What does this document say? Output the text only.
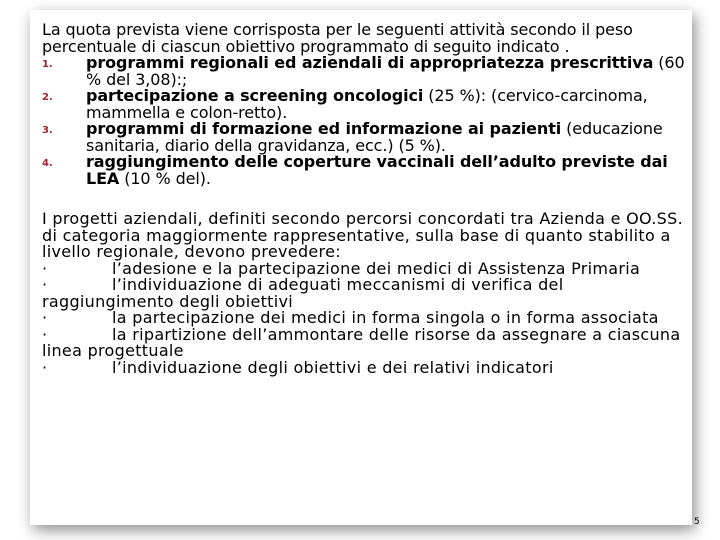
La quota prevista viene corrisposta per le seguenti attività secondo il peso percentuale di ciascun obiettivo programmato di seguito indicato .

1.	programmi regionali ed aziendali di appropriatezza prescrittiva (60 % del 3,08):;
2.	partecipazione a screening oncologici (25 %): (cervico-carcinoma, mammella e colon-retto).
3.	programmi di formazione ed informazione ai pazienti (educazione sanitaria, diario della gravidanza, ecc.) (5 %).
4.	raggiungimento delle coperture vaccinali dell’adulto previste dai LEA (10 % del).
I progetti aziendali, definiti secondo percorsi concordati tra Azienda e OO.SS. di categoria maggiormente rappresentative, sulla base di quanto stabilito a livello regionale, devono prevedere:
·	l’adesione e la partecipazione dei medici di Assistenza Primaria
·	l’individuazione di adeguati meccanismi di verifica del raggiungimento degli obiettivi
·	la partecipazione dei medici in forma singola o in forma associata
·	la ripartizione dell’ammontare delle risorse da assegnare a ciascuna linea progettuale
·	l’individuazione degli obiettivi e dei relativi indicatori
5
